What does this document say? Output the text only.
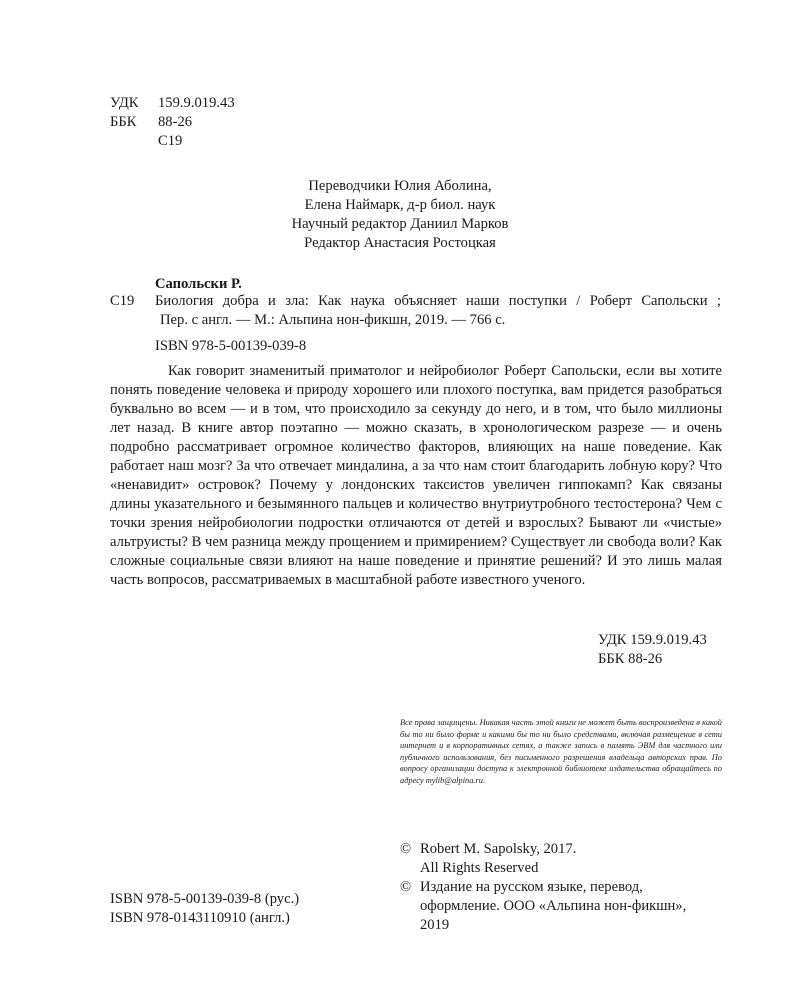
УДК	159.9.019.43
ББК	88-26
С19
Переводчики Юлия Аболина,
Елена Наймарк, д-р биол. наук
Научный редактор Даниил Марков
Редактор Анастасия Ростоцкая
Сапольски Р.
С19 Биология добра и зла: Как наука объясняет наши поступки / Роберт Сапольски ;
Пер. с англ. — М.: Альпина нон-фикшн, 2019. — 766 с.
ISBN 978-5-00139-039-8

Как говорит знаменитый приматолог и нейробиолог Роберт Сапольски, если вы хотите понять поведение человека и природу хорошего или плохого поступка, вам придется разобраться буквально во всем — и в том, что происходило за секунду до него, и в том, что было миллионы лет назад. В книге автор поэтапно — можно сказать, в хронологическом разрезе — и очень подробно рассматривает огромное количество факторов, влияющих на наше поведение. Как работает наш мозг? За что отвечает миндалина, а за что нам стоит благодарить лобную кору? Что «ненавидит» островок? Почему у лондонских таксистов увеличен гиппокамп? Как связаны длины указательного и безымянного пальцев и количество внутриутробного тестостерона? Чем с точки зрения нейробиологии подростки отличаются от детей и взрослых? Бывают ли «чистые» альтруисты? В чем разница между прощением и примирением? Существует ли свобода воли? Как сложные социальные связи влияют на наше поведение и принятие решений? И это лишь малая часть вопросов, рассматриваемых в масштабной работе известного ученого.

УДК 159.9.019.43
ББК 88-26
Все права защищены. Никакая часть этой книги не может быть воспроизведена в какой бы то ни было форме и какими бы то ни было средствами, включая размещение в сети интернет и в корпоративных сетях, а также запись в память ЭВМ для частного или публичного использования, без письменного разрешения владельца авторских прав. По вопросу организации доступа к электронной библиотеке издательства обращайтесь по адресу mylib@alpina.ru.
© Robert M. Sapolsky, 2017.
All Rights Reserved
© Издание на русском языке, перевод,
оформление. ООО «Альпина нон-фикшн»,
2019
ISBN 978-5-00139-039-8 (рус.)
ISBN 978-0143110910 (англ.)
